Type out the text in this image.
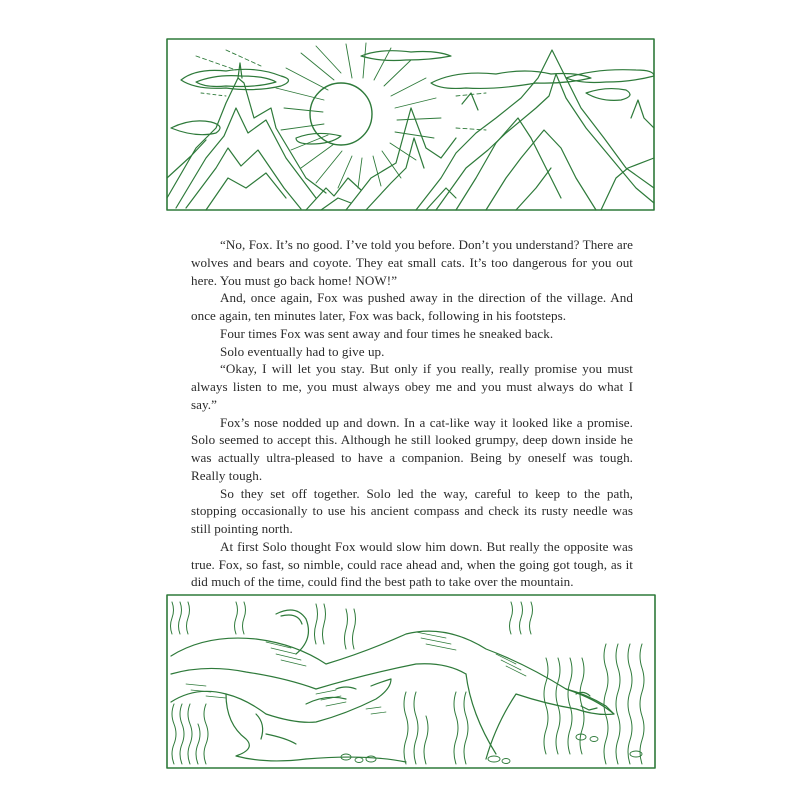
“No, Fox. It’s no good. I’ve told you before. Don’t you understand? There are wolves and bears and coyote. They eat small cats. It’s too dangerous for you out here. You must go back home! NOW!”

And, once again, Fox was pushed away in the direction of the village. And once again, ten minutes later, Fox was back, following in his footsteps.

Four times Fox was sent away and four times he sneaked back.

Solo eventually had to give up.

“Okay, I will let you stay. But only if you really, really promise you must always listen to me, you must always obey me and you must always do what I say.”

Fox’s nose nodded up and down. In a cat-like way it looked like a promise. Solo seemed to accept this. Although he still looked grumpy, deep down inside he was actually ultra-pleased to have a companion. Being by oneself was tough. Really tough.

So they set off together. Solo led the way, careful to keep to the path, stopping occasionally to use his ancient compass and check its rusty needle was still pointing north.

At first Solo thought Fox would slow him down. But really the opposite was true. Fox, so fast, so nimble, could race ahead and, when the going got tough, as it did much of the time, could find the best path to take over the mountain.
